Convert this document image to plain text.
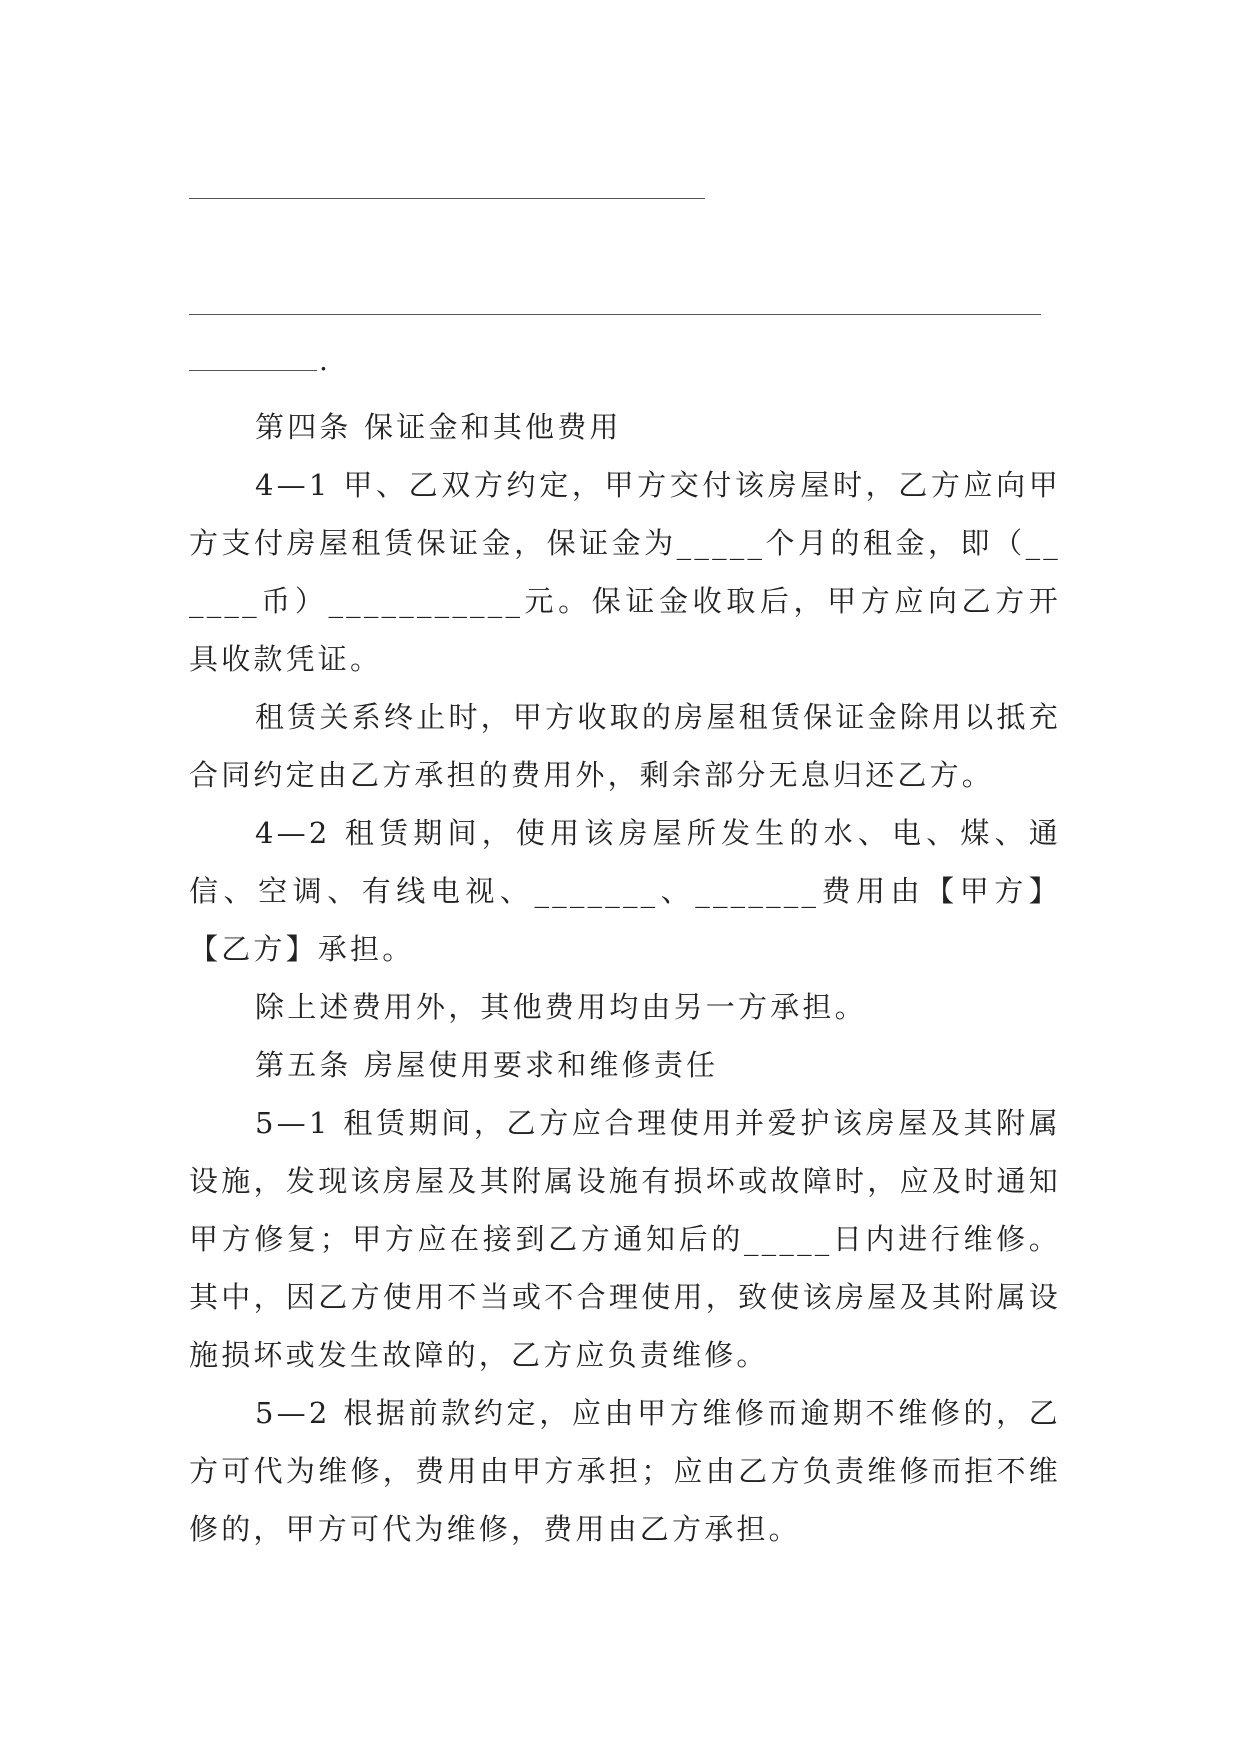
.

第四条 保证金和其他费用

4—1 甲、乙双方约定，甲方交付该房屋时，乙方应向甲方支付房屋租赁保证金，保证金为_____个月的租金，即（______币）___________元。保证金收取后，甲方应向乙方开具收款凭证。

租赁关系终止时，甲方收取的房屋租赁保证金除用以抵充合同约定由乙方承担的费用外，剩余部分无息归还乙方。

4—2 租赁期间，使用该房屋所发生的水、电、煤、通信、空调、有线电视、_______、_______费用由【甲方】【乙方】承担。

除上述费用外，其他费用均由另一方承担。

第五条 房屋使用要求和维修责任

5—1 租赁期间，乙方应合理使用并爱护该房屋及其附属设施，发现该房屋及其附属设施有损坏或故障时，应及时通知甲方修复；甲方应在接到乙方通知后的_____日内进行维修。其中，因乙方使用不当或不合理使用，致使该房屋及其附属设施损坏或发生故障的，乙方应负责维修。

5—2 根据前款约定，应由甲方维修而逾期不维修的，乙方可代为维修，费用由甲方承担；应由乙方负责维修而拒不维修的，甲方可代为维修，费用由乙方承担。
